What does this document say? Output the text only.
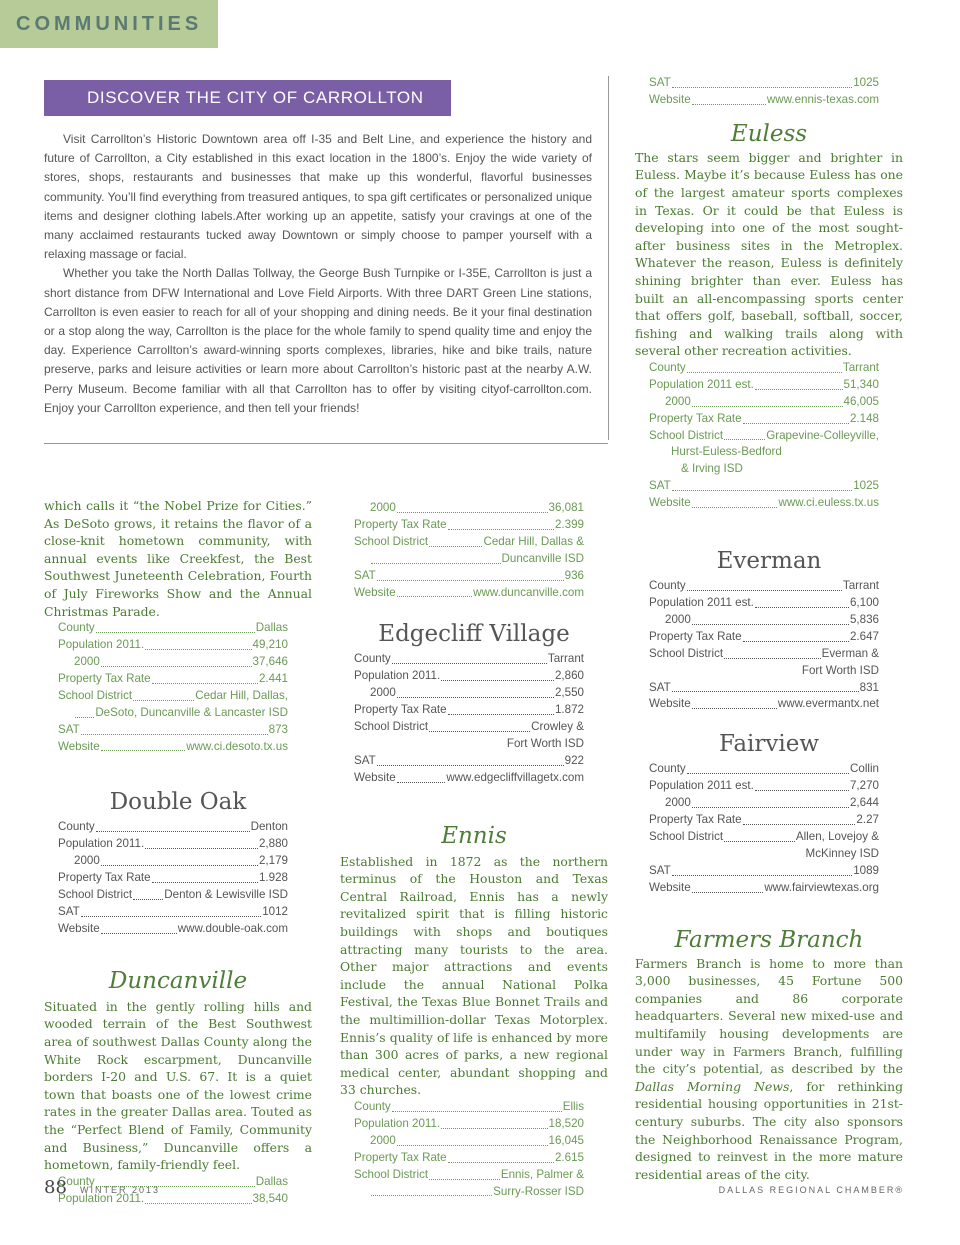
COMMUNITIES
DISCOVER THE CITY OF CARROLLTON

Visit Carrollton’s Historic Downtown area off I-35 and Belt Line, and experience the history and future of Carrollton, a City established in this exact location in the 1800’s. Enjoy the wide variety of stores, shops, restaurants and businesses that make up this wonderful, flavorful businesses community. You’ll find everything from treasured antiques, to spa gift certificates or personalized unique items and designer clothing labels.After working up an appetite, satisfy your cravings at one of the many acclaimed restaurants tucked away Downtown or simply choose to pamper yourself with a relaxing massage or facial.

Whether you take the North Dallas Tollway, the George Bush Turnpike or I-35E, Carrollton is just a short distance from DFW International and Love Field Airports. With three DART Green Line stations, Carrollton is even easier to reach for all of your shopping and dining needs. Be it your final destination or a stop along the way, Carrollton is the place for the whole family to spend quality time and enjoy the day. Experience Carrollton’s award-winning sports complexes, libraries, hike and bike trails, nature preserve, parks and leisure activities or learn more about Carrollton’s historic past at the nearby A.W. Perry Museum. Become familiar with all that Carrollton has to offer by visiting cityof-carrollton.com. Enjoy your Carrollton experience, and then tell your friends!

which calls it “the Nobel Prize for Cities.” As DeSoto grows, it retains the flavor of a close-knit hometown community, with annual events like Creekfest, the Best Southwest Juneteenth Celebration, Fourth of July Fireworks Show and the Annual Christmas Parade.

County	Dallas
Population 2011.	49,210
2000	37,646
Property Tax Rate	2.441
School District	Cedar Hill, Dallas,
DeSoto, Duncanville & Lancaster ISD
SAT	873
Website	www.ci.desoto.tx.us
Double Oak
County	Denton
Population 2011.	2,880
2000	2,179
Property Tax Rate	1.928
School District	Denton & Lewisville ISD
SAT	1012
Website	www.double-oak.com
Duncanville

Situated in the gently rolling hills and wooded terrain of the Best Southwest area of southwest Dallas County along the White Rock escarpment, Duncanville borders I-20 and U.S. 67. It is a quiet town that boasts one of the lowest crime rates in the greater Dallas area. Touted as the “Perfect Blend of Family, Community and Business,” Duncanville offers a hometown, family-friendly feel.

County	Dallas
Population 2011.	38,540
2000	36,081
Property Tax Rate	2.399
School District	Cedar Hill, Dallas &
Duncanville ISD
SAT	936
Website	www.duncanville.com
Edgecliff Village
County	Tarrant
Population 2011.	2,860
2000	2,550
Property Tax Rate	1.872
School District	Crowley &
Fort Worth ISD
SAT	922
Website	www.edgecliffvillagetx.com
Ennis

Established in 1872 as the northern terminus of the Houston and Texas Central Railroad, Ennis has a newly revitalized spirit that is filling historic buildings with shops and boutiques attracting many tourists to the area. Other major attractions and events include the annual National Polka Festival, the Texas Blue Bonnet Trails and the multimillion-dollar Texas Motorplex. Ennis’s quality of life is enhanced by more than 300 acres of parks, a new regional medical center, abundant shopping and 33 churches.

County	Ellis
Population 2011.	18,520
2000	16,045
Property Tax Rate	2.615
School District	Ennis, Palmer &
Surry-Rosser ISD
SAT	1025
Website	www.ennis-texas.com
Euless

The stars seem bigger and brighter in Euless. Maybe it’s because Euless has one of the largest amateur sports complexes in Texas. Or it could be that Euless is developing into one of the most sought-after business sites in the Metroplex. Whatever the reason, Euless is definitely shining brighter than ever. Euless has built an all-encompassing sports center that offers golf, baseball, softball, soccer, fishing and walking trails along with several other recreation activities.

County	Tarrant
Population 2011 est.	51,340
2000	46,005
Property Tax Rate	2.148
School District	Grapevine-Colleyville,
Hurst-Euless-Bedford
& Irving ISD
SAT	1025
Website	www.ci.euless.tx.us
Everman
County	Tarrant
Population 2011 est.	6,100
2000	5,836
Property Tax Rate	2.647
School District	Everman &
Fort Worth ISD
SAT	831
Website	www.evermantx.net
Fairview
County	Collin
Population 2011 est.	7,270
2000	2,644
Property Tax Rate	2.27
School District	Allen, Lovejoy &
McKinney ISD
SAT	1089
Website	www.fairviewtexas.org
Farmers Branch

Farmers Branch is home to more than 3,000 businesses, 45 Fortune 500 companies and 86 corporate headquarters. Several new mixed-use and multifamily housing developments are under way in Farmers Branch, fulfilling the city’s potential, as described by the Dallas Morning News, for rethinking residential housing opportunities in 21st-century suburbs. The city also sponsors the Neighborhood Renaissance Program, designed to reinvest in the more mature residential areas of the city.

88 WINTER 2013	DALLAS REGIONAL CHAMBER®
